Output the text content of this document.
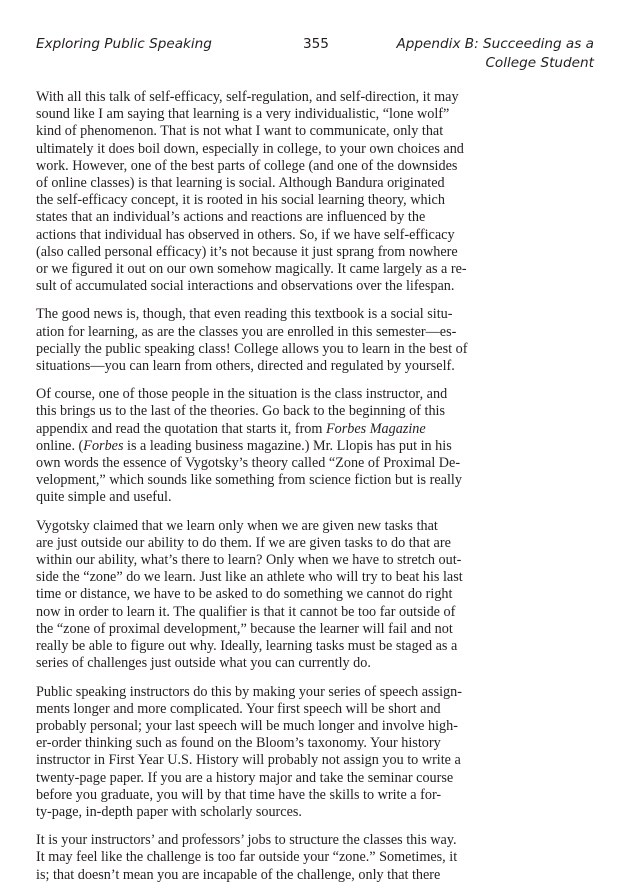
Exploring Public Speaking	355	Appendix B: Succeeding as a
College Student

With all this talk of self-efficacy, self-regulation, and self-direction, it may
sound like I am saying that learning is a very individualistic, “lone wolf”
kind of phenomenon. That is not what I want to communicate, only that
ultimately it does boil down, especially in college, to your own choices and
work. However, one of the best parts of college (and one of the downsides
of online classes) is that learning is social. Although Bandura originated
the self-efficacy concept, it is rooted in his social learning theory, which
states that an individual’s actions and reactions are influenced by the
actions that individual has observed in others. So, if we have self-efficacy
(also called personal efficacy) it’s not because it just sprang from nowhere
or we figured it out on our own somehow magically. It came largely as a re-
sult of accumulated social interactions and observations over the lifespan.

The good news is, though, that even reading this textbook is a social situ-
ation for learning, as are the classes you are enrolled in this semester—es-
pecially the public speaking class! College allows you to learn in the best of
situations—you can learn from others, directed and regulated by yourself.

Of course, one of those people in the situation is the class instructor, and
this brings us to the last of the theories. Go back to the beginning of this
appendix and read the quotation that starts it, from Forbes Magazine
online. (Forbes is a leading business magazine.) Mr. Llopis has put in his
own words the essence of Vygotsky’s theory called “Zone of Proximal De-
velopment,” which sounds like something from science fiction but is really
quite simple and useful.

Vygotsky claimed that we learn only when we are given new tasks that
are just outside our ability to do them. If we are given tasks to do that are
within our ability, what’s there to learn? Only when we have to stretch out-
side the “zone” do we learn. Just like an athlete who will try to beat his last
time or distance, we have to be asked to do something we cannot do right
now in order to learn it. The qualifier is that it cannot be too far outside of
the “zone of proximal development,” because the learner will fail and not
really be able to figure out why. Ideally, learning tasks must be staged as a
series of challenges just outside what you can currently do.

Public speaking instructors do this by making your series of speech assign-
ments longer and more complicated. Your first speech will be short and
probably personal; your last speech will be much longer and involve high-
er-order thinking such as found on the Bloom’s taxonomy. Your history
instructor in First Year U.S. History will probably not assign you to write a
twenty-page paper. If you are a history major and take the seminar course
before you graduate, you will by that time have the skills to write a for-
ty-page, in-depth paper with scholarly sources.

It is your instructors’ and professors’ jobs to structure the classes this way.
It may feel like the challenge is too far outside your “zone.” Sometimes, it
is; that doesn’t mean you are incapable of the challenge, only that there
